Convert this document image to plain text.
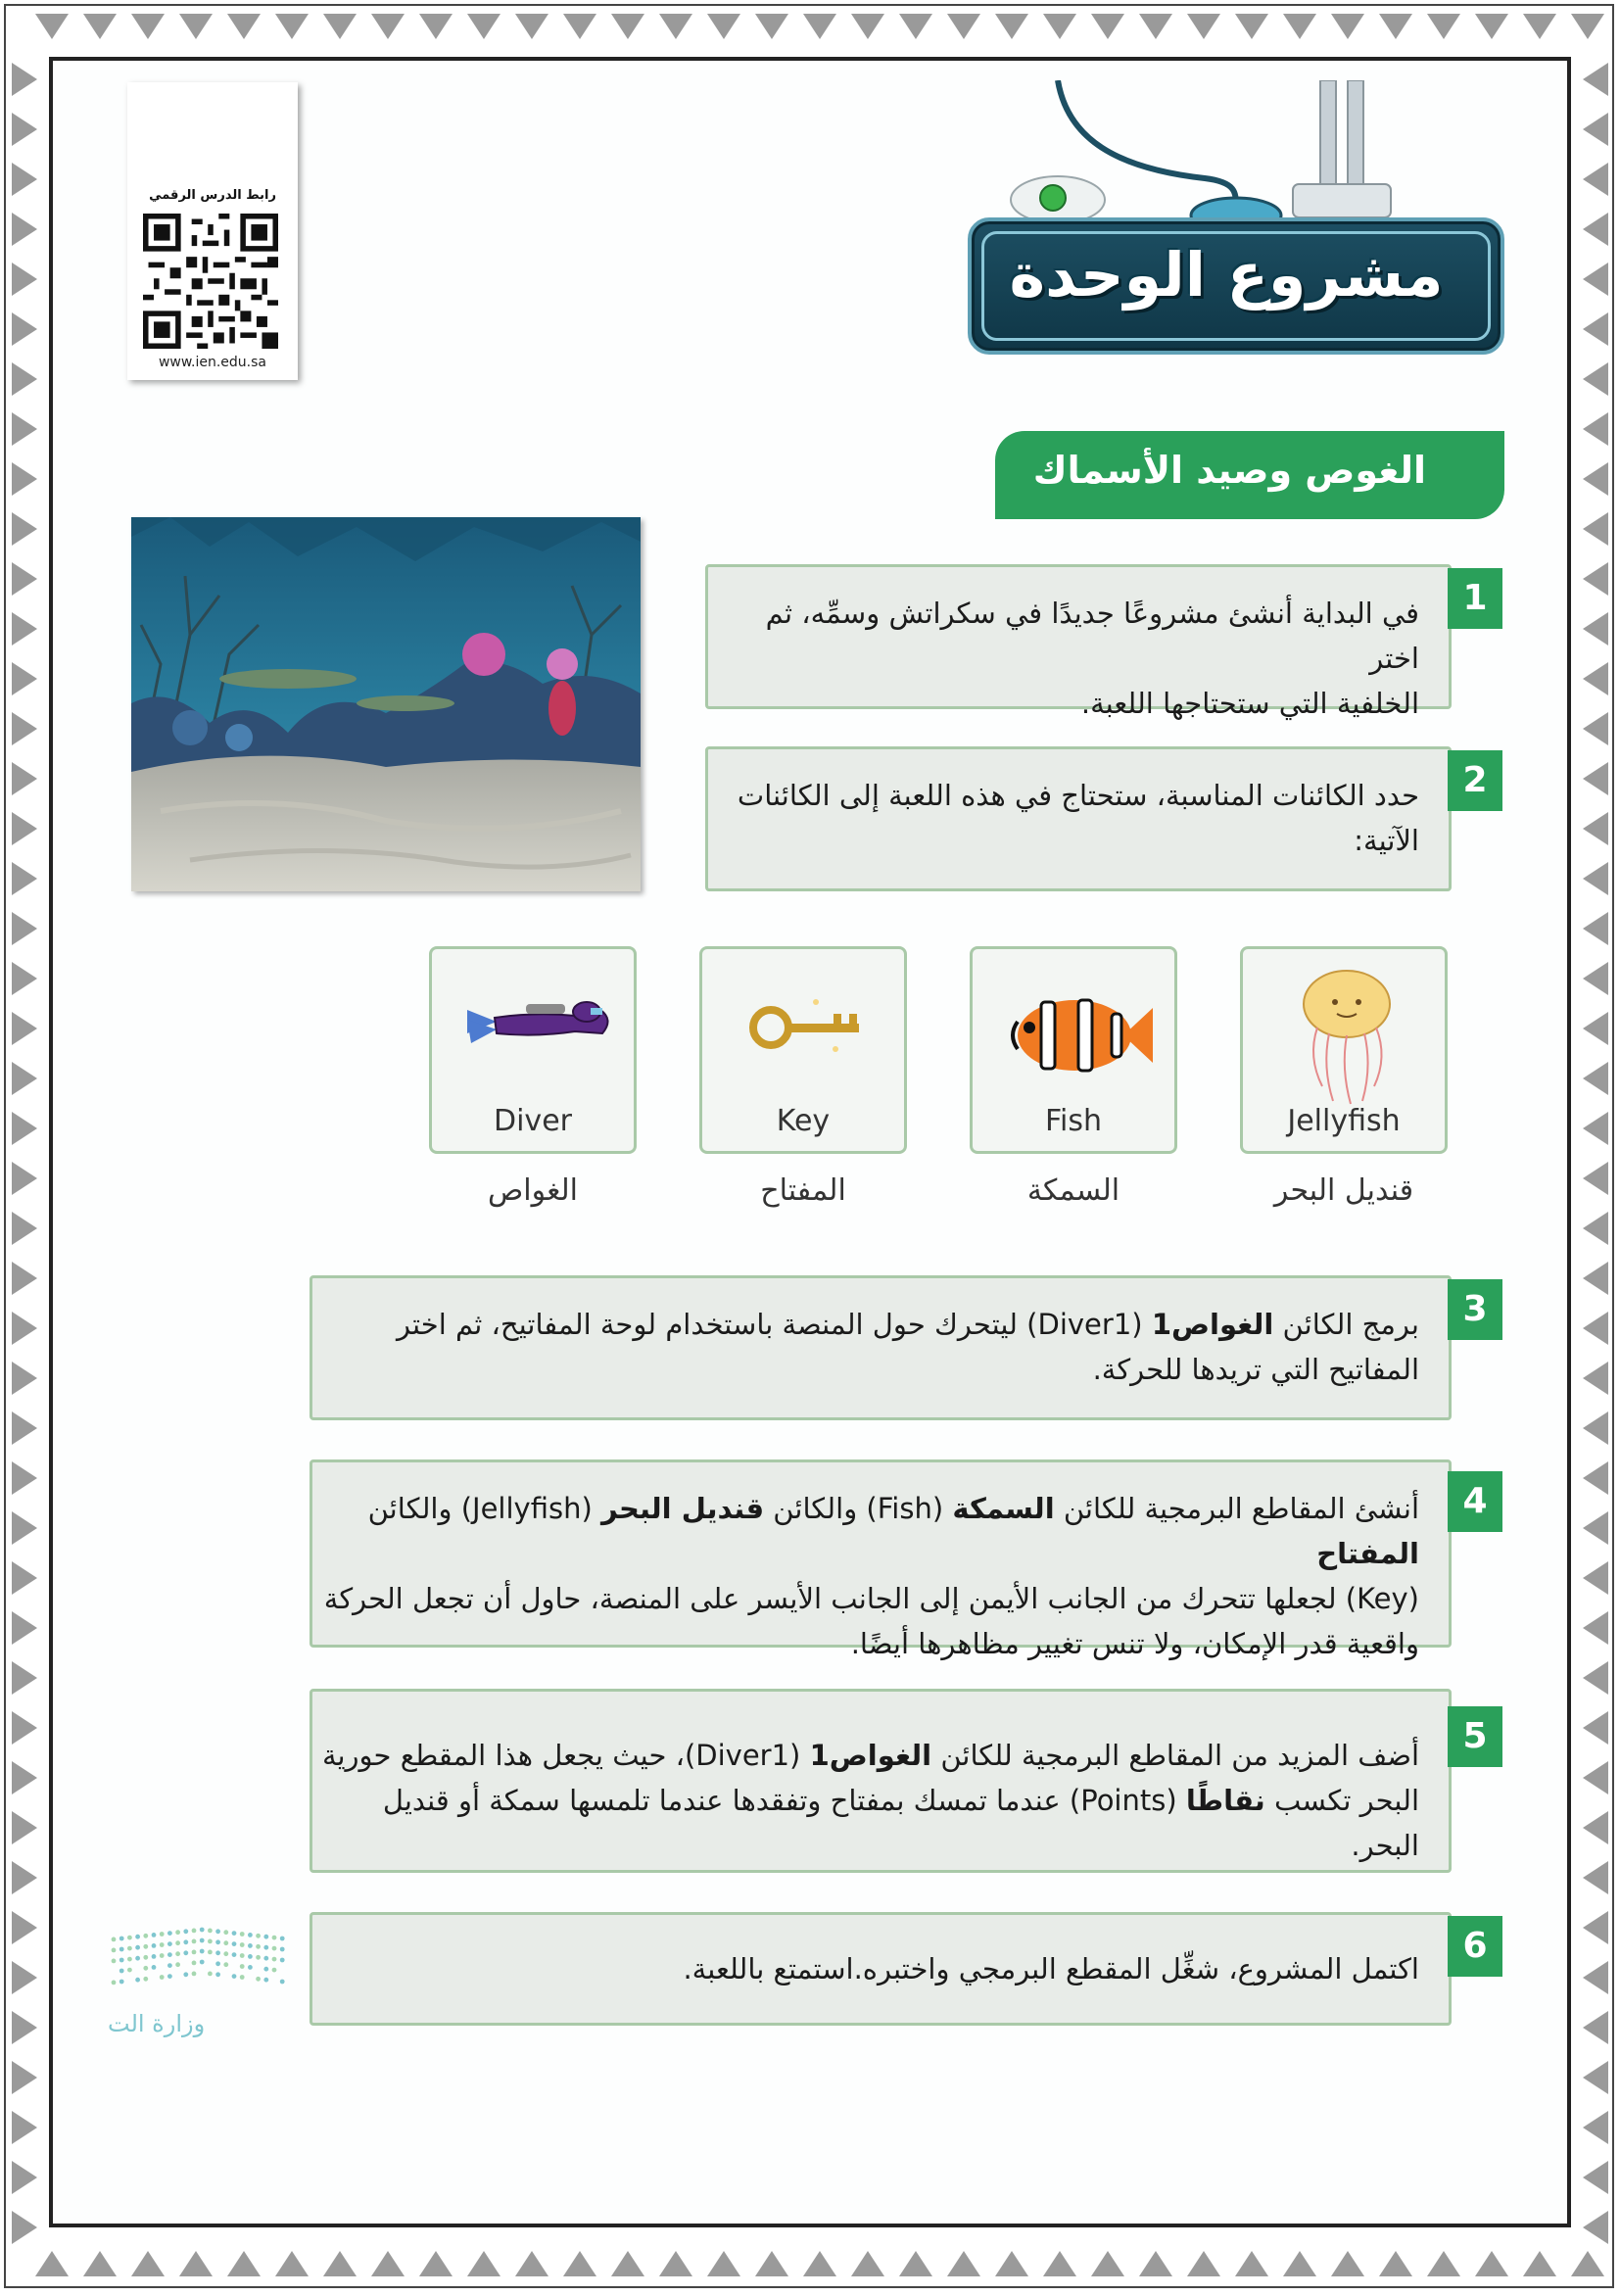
رابط الدرس الرقمي
www.ien.edu.sa
مشروع الوحدة
الغوص وصيد الأسماك
في البداية أنشئ مشروعًا جديدًا في سكراتش وسمِّه، ثم اختر
الخلفية التي ستحتاجها اللعبة.
1
حدد الكائنات المناسبة، ستحتاج في هذه اللعبة إلى الكائنات
الآتية:
2
Jellyfish
Fish
Key
Diver
قنديل البحر
السمكة
المفتاح
الغواص
برمج الكائن الغواص1 (Diver1) ليتحرك حول المنصة باستخدام لوحة المفاتيح، ثم اختر
المفاتيح التي تريدها للحركة.
3
أنشئ المقاطع البرمجية للكائن السمكة (Fish) والكائن قنديل البحر (Jellyfish) والكائن المفتاح
(Key) لجعلها تتحرك من الجانب الأيمن إلى الجانب الأيسر على المنصة، حاول أن تجعل الحركة
واقعية قدر الإمكان، ولا تنس تغيير مظاهرها أيضًا.
4
أضف المزيد من المقاطع البرمجية للكائن الغواص1 (Diver1)، حيث يجعل هذا المقطع حورية
البحر تكسب نقاطًا (Points) عندما تمسك بمفتاح وتفقدها عندما تلمسها سمكة أو قنديل البحر.
5
اكتمل المشروع، شغِّل المقطع البرمجي واختبره.استمتع باللعبة.
6
وزارة الت
